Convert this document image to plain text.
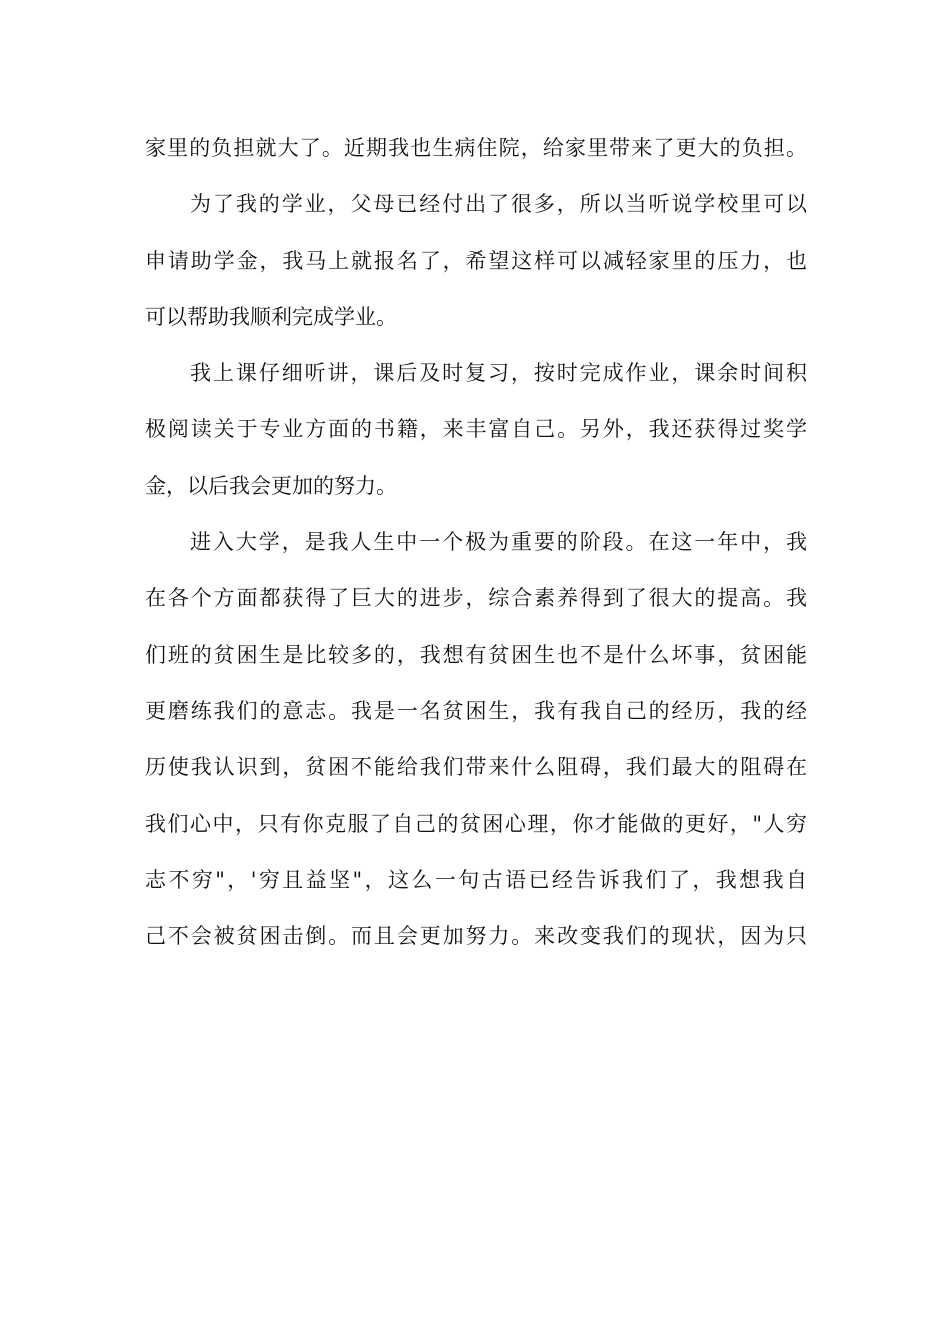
家里的负担就大了。近期我也生病住院，给家里带来了更大的负担。
为了我的学业，父母已经付出了很多，所以当听说学校里可以
申请助学金，我马上就报名了，希望这样可以减轻家里的压力，也
可以帮助我顺利完成学业。
我上课仔细听讲，课后及时复习，按时完成作业，课余时间积
极阅读关于专业方面的书籍，来丰富自己。另外，我还获得过奖学
金，以后我会更加的努力。
进入大学，是我人生中一个极为重要的阶段。在这一年中，我
在各个方面都获得了巨大的进步，综合素养得到了很大的提高。我
们班的贫困生是比较多的，我想有贫困生也不是什么坏事，贫困能
更磨练我们的意志。我是一名贫困生，我有我自己的经历，我的经
历使我认识到，贫困不能给我们带来什么阻碍，我们最大的阻碍在
我们心中，只有你克服了自己的贫困心理，你才能做的更好，"人穷
志不穷"，'穷且益坚"，这么一句古语已经告诉我们了，我想我自
己不会被贫困击倒。而且会更加努力。来改变我们的现状，因为只
